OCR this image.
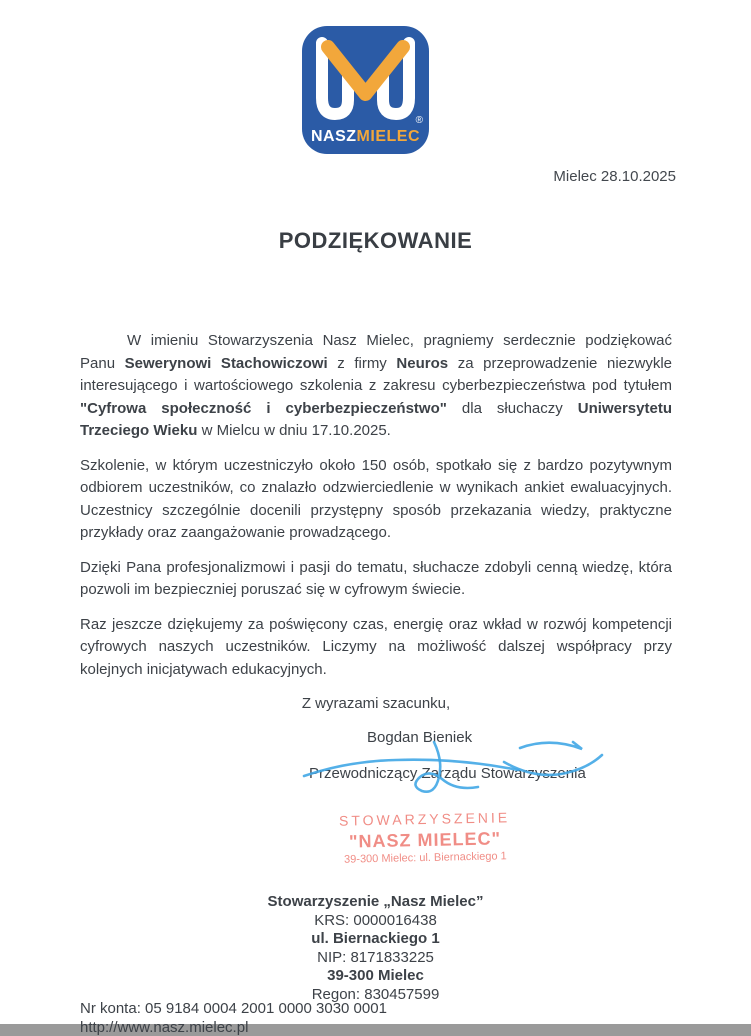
®
NASZMIELEC
Mielec 28.10.2025
PODZIĘKOWANIE

W imieniu Stowarzyszenia Nasz Mielec, pragniemy serdecznie podziękować Panu Sewerynowi Stachowiczowi z firmy Neuros za przeprowadzenie niezwykle interesującego i wartościowego szkolenia z zakresu cyberbezpieczeństwa pod tytułem "Cyfrowa społeczność i cyberbezpieczeństwo" dla słuchaczy Uniwersytetu Trzeciego Wieku w Mielcu w dniu 17.10.2025.

Szkolenie, w którym uczestniczyło około 150 osób, spotkało się z bardzo pozytywnym odbiorem uczestników, co znalazło odzwierciedlenie w wynikach ankiet ewaluacyjnych. Uczestnicy szczególnie docenili przystępny sposób przekazania wiedzy, praktyczne przykłady oraz zaangażowanie prowadzącego.

Dzięki Pana profesjonalizmowi i pasji do tematu, słuchacze zdobyli cenną wiedzę, która pozwoli im bezpieczniej poruszać się w cyfrowym świecie.

Raz jeszcze dziękujemy za poświęcony czas, energię oraz wkład w rozwój kompetencji cyfrowych naszych uczestników. Liczymy na możliwość dalszej współpracy przy kolejnych inicjatywach edukacyjnych.

Z wyrazami szacunku,

Bogdan Bieniek
Przewodniczący Zarządu Stowarzyszenia
STOWARZYSZENIE
"NASZ MIELEC"
39-300 Mielec: ul. Biernackiego 1
Stowarzyszenie „Nasz Mielec”
KRS: 0000016438
ul. Biernackiego 1
NIP: 8171833225
39-300 Mielec
Regon: 830457599
Nr konta: 05 9184 0004 2001 0000 3030 0001
http://www.nasz.mielec.pl
